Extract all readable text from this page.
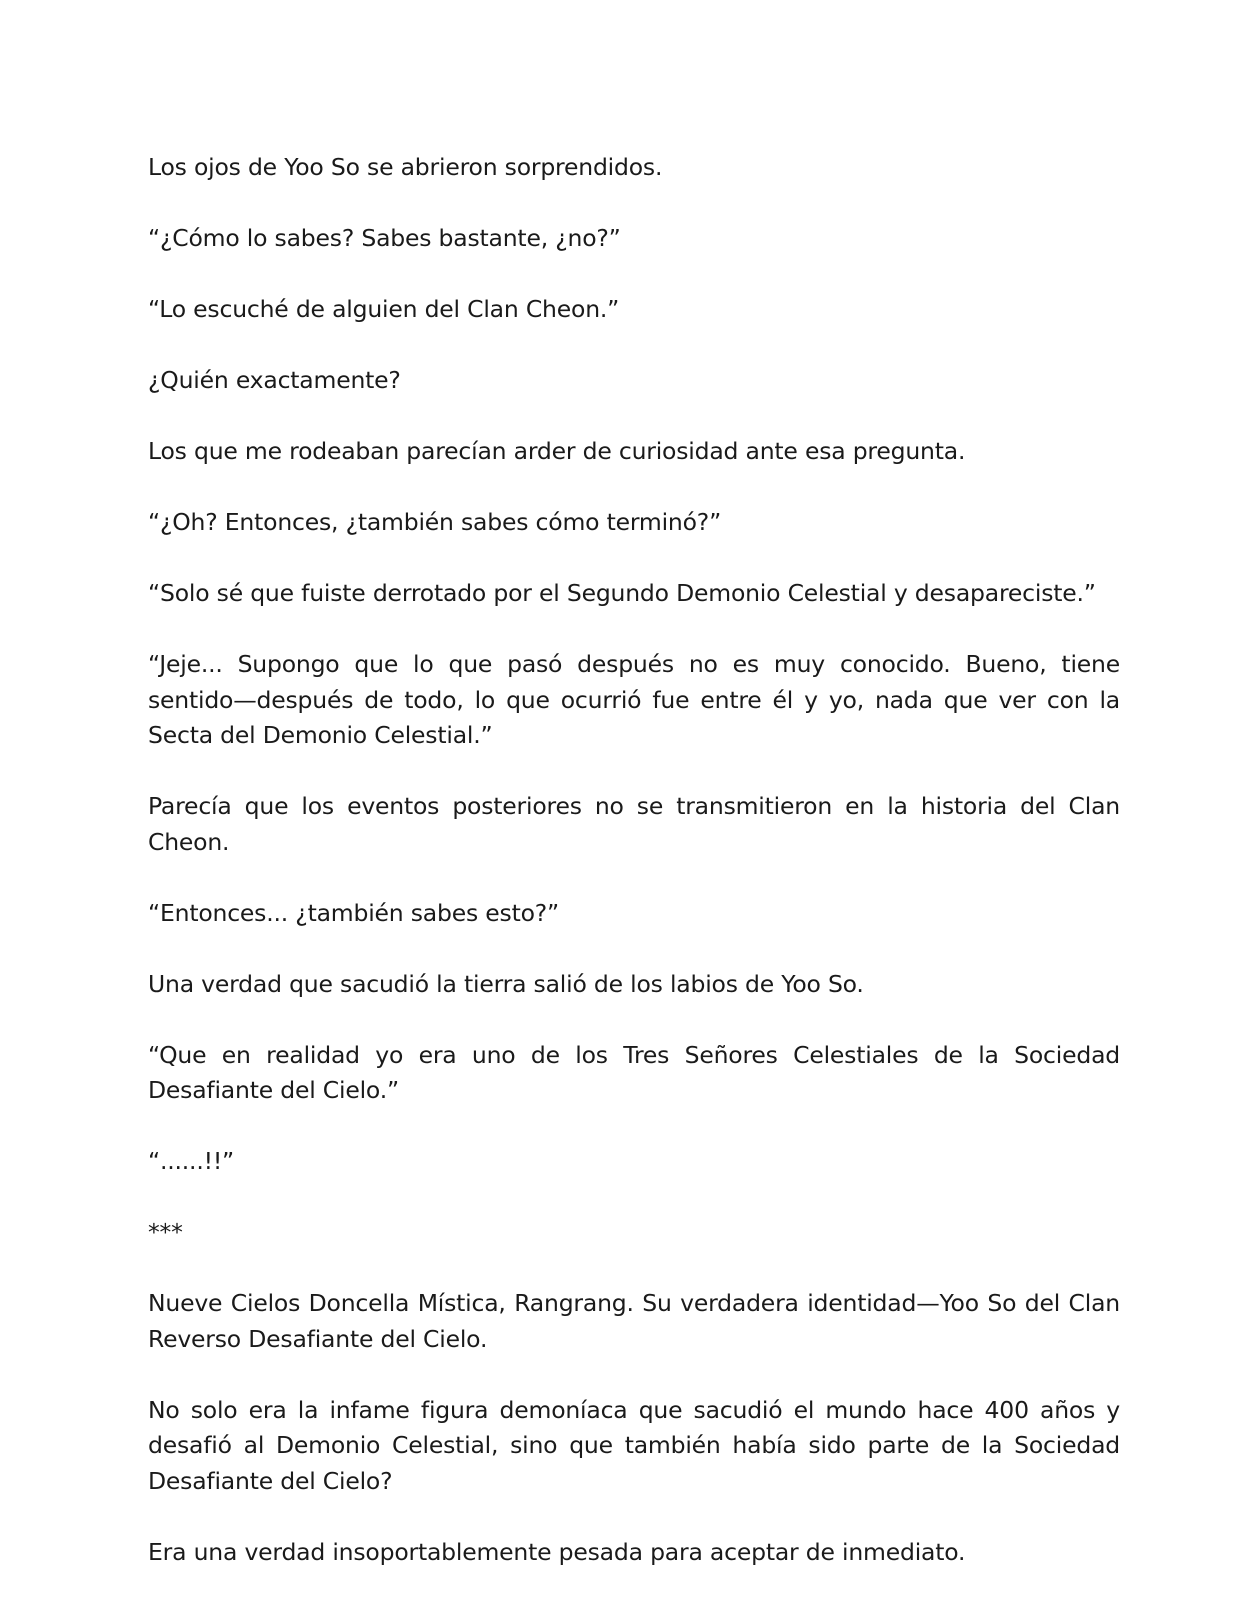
Los ojos de Yoo So se abrieron sorprendidos.

“¿Cómo lo sabes? Sabes bastante, ¿no?”

“Lo escuché de alguien del Clan Cheon.”

¿Quién exactamente?

Los que me rodeaban parecían arder de curiosidad ante esa pregunta.

“¿Oh? Entonces, ¿también sabes cómo terminó?”

“Solo sé que fuiste derrotado por el Segundo Demonio Celestial y desapareciste.”

“Jeje... Supongo que lo que pasó después no es muy conocido. Bueno, tiene sentido—después de todo, lo que ocurrió fue entre él y yo, nada que ver con la Secta del Demonio Celestial.”

Parecía que los eventos posteriores no se transmitieron en la historia del Clan Cheon.

“Entonces... ¿también sabes esto?”

Una verdad que sacudió la tierra salió de los labios de Yoo So.

“Que en realidad yo era uno de los Tres Señores Celestiales de la Sociedad Desafiante del Cielo.”

“......!!”

***

Nueve Cielos Doncella Mística, Rangrang. Su verdadera identidad—Yoo So del Clan Reverso Desafiante del Cielo.

No solo era la infame figura demoníaca que sacudió el mundo hace 400 años y desafió al Demonio Celestial, sino que también había sido parte de la Sociedad Desafiante del Cielo?

Era una verdad insoportablemente pesada para aceptar de inmediato.
